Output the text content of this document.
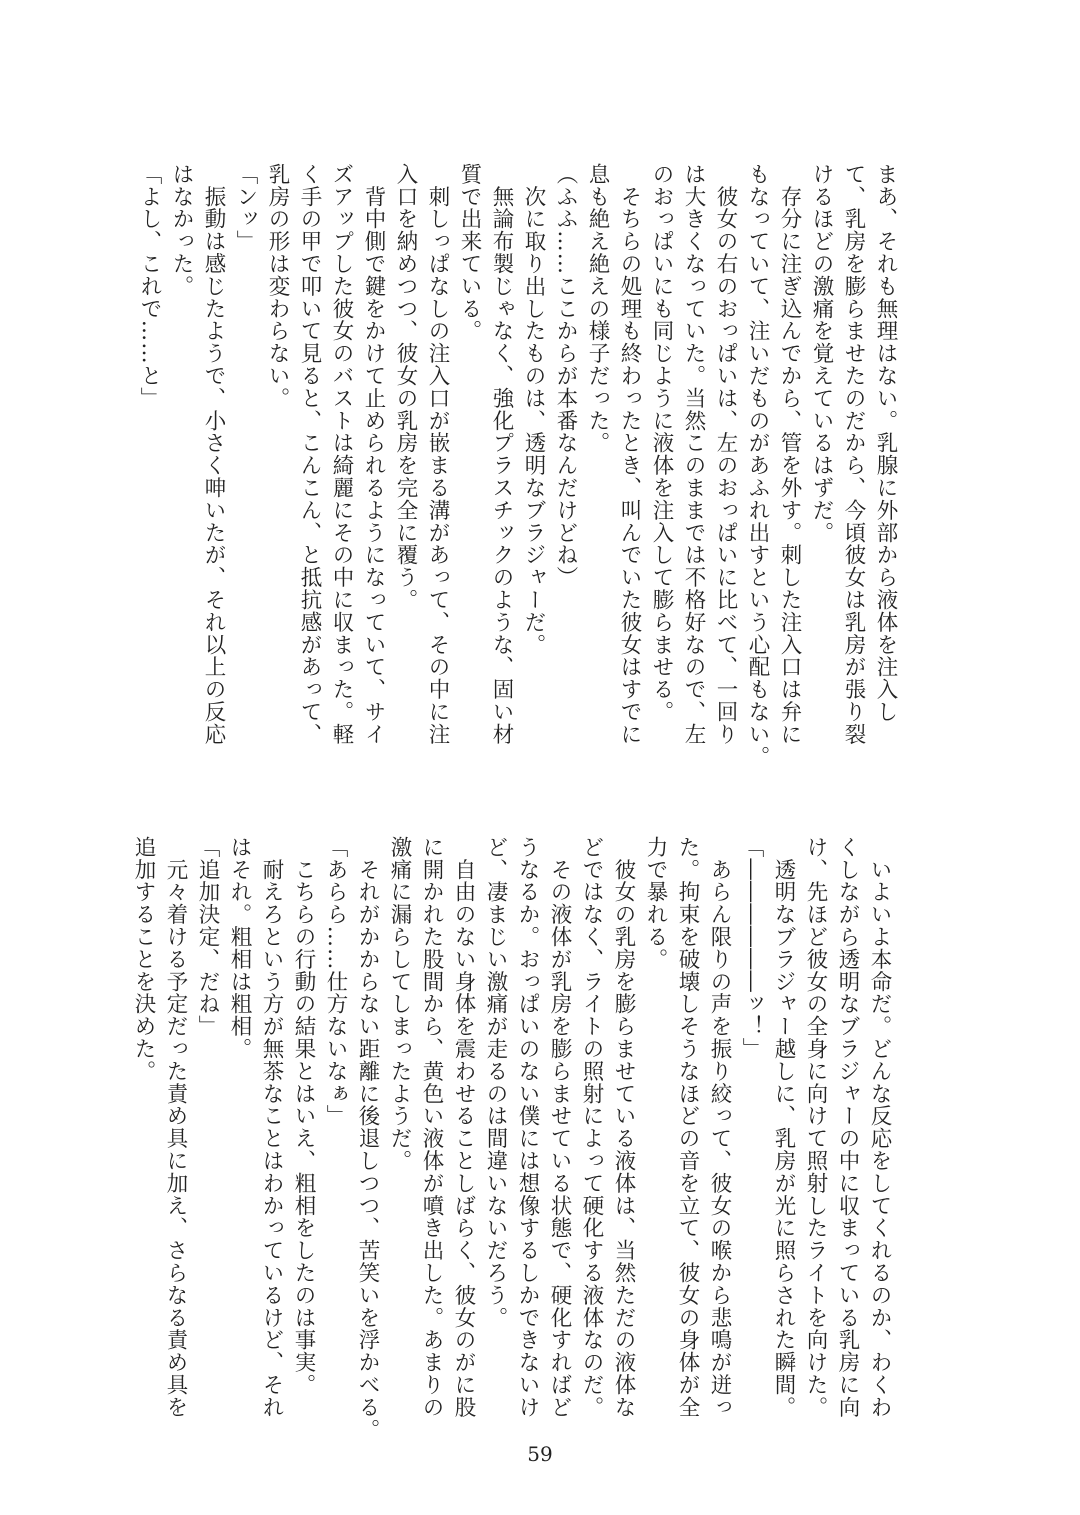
まあ、それも無理はない。乳腺に外部から液体を注入し
て、乳房を膨らませたのだから、今頃彼女は乳房が張り裂
けるほどの激痛を覚えているはずだ。
　存分に注ぎ込んでから、管を外す。刺した注入口は弁に
もなっていて、注いだものがあふれ出すという心配もない。
　彼女の右のおっぱいは、左のおっぱいに比べて、一回り
は大きくなっていた。当然このままでは不格好なので、左
のおっぱいにも同じように液体を注入して膨らませる。
　そちらの処理も終わったとき、叫んでいた彼女はすでに
息も絶え絶えの様子だった。
（ふふ……ここからが本番なんだけどね）
　次に取り出したものは、透明なブラジャーだ。
　無論布製じゃなく、強化プラスチックのような、固い材
質で出来ている。
　刺しっぱなしの注入口が嵌まる溝があって、その中に注
入口を納めつつ、彼女の乳房を完全に覆う。
　背中側で鍵をかけて止められるようになっていて、サイ
ズアップした彼女のバストは綺麗にその中に収まった。軽
く手の甲で叩いて見ると、こんこん、と抵抗感があって、
乳房の形は変わらない。
「ンッ」
　振動は感じたようで、小さく呻いたが、それ以上の反応
はなかった。
「よし、これで……と」
　いよいよ本命だ。どんな反応をしてくれるのか、わくわ
くしながら透明なブラジャーの中に収まっている乳房に向
け、先ほど彼女の全身に向けて照射したライトを向けた。
　透明なブラジャー越しに、乳房が光に照らされた瞬間。
「――――――ッ！」
　あらん限りの声を振り絞って、彼女の喉から悲鳴が迸っ
た。拘束を破壊しそうなほどの音を立て、彼女の身体が全
力で暴れる。
　彼女の乳房を膨らませている液体は、当然ただの液体な
どではなく、ライトの照射によって硬化する液体なのだ。
　その液体が乳房を膨らませている状態で、硬化すればど
うなるか。おっぱいのない僕には想像するしかできないけ
ど、凄まじい激痛が走るのは間違いないだろう。
　自由のない身体を震わせることしばらく、彼女のがに股
に開かれた股間から、黄色い液体が噴き出した。あまりの
激痛に漏らしてしまったようだ。
　それがかからない距離に後退しつつ、苦笑いを浮かべる。
「あらら……仕方ないなぁ」
　こちらの行動の結果とはいえ、粗相をしたのは事実。
　耐えろという方が無茶なことはわかっているけど、それ
はそれ。粗相は粗相。
「追加決定、だね」
　元々着ける予定だった責め具に加え、さらなる責め具を
追加することを決めた。
59
